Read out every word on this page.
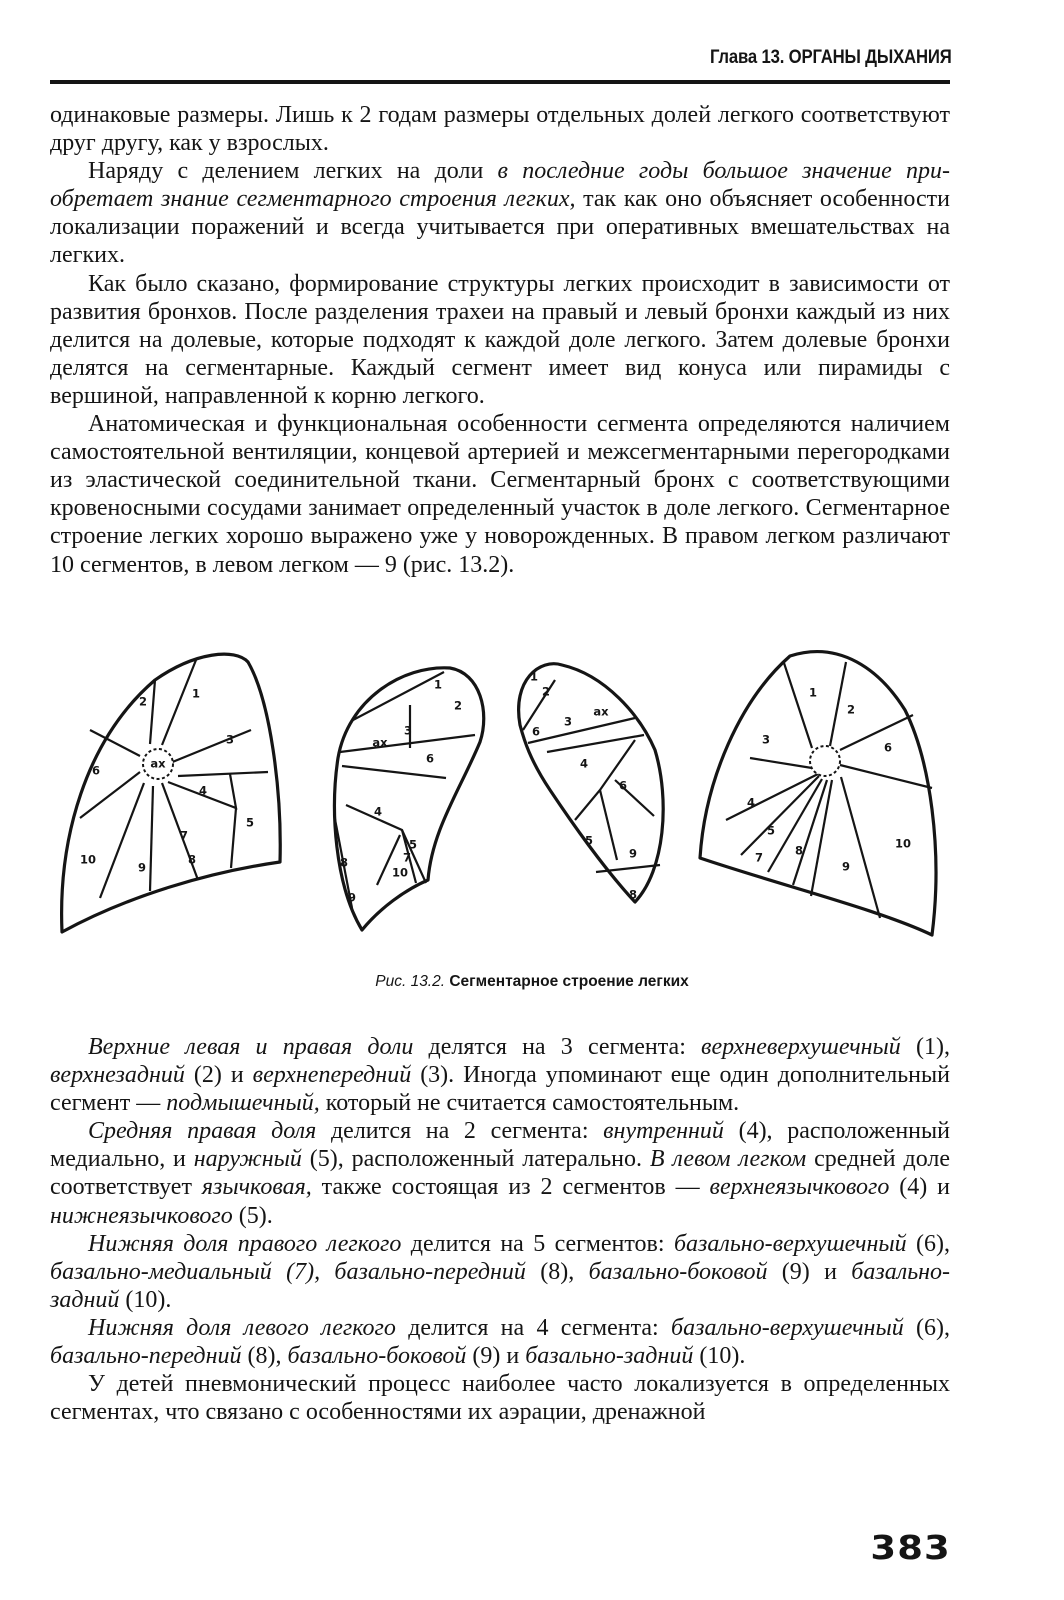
Глава 13. ОРГАНЫ ДЫХАНИЯ

одинаковые размеры. Лишь к 2 годам размеры отдельных долей легкого соответствуют друг другу, как у взрослых.

Наряду с делением легких на доли в последние годы большое значение приобретает знание сегментарного строения легких, так как оно объясняет особенности локализации поражений и всегда учитывается при оперативных вмешательствах на легких.

Как было сказано, формирование структуры легких происходит в зависимости от развития бронхов. После разделения трахеи на правый и левый бронхи каждый из них делится на долевые, которые подходят к каждой доле легкого. Затем долевые бронхи делятся на сегментарные. Каждый сегмент имеет вид конуса или пирамиды с вершиной, направленной к корню легкого.

Анатомическая и функциональная особенности сегмента определяются наличием самостоятельной вентиляции, концевой артерией и межсегментарными перегородками из эластической соединительной ткани. Сегментарный бронх с соответствующими кровеносными сосудами занимает определенный участок в доле легкого. Сегментарное строение легких хорошо выражено уже у новорожденных. В правом легком различают 10 сегментов, в левом легком — 9 (рис. 13.2).

2
1
ax
3
6
4
5
7
10
9
8
1
2
3
ax
6
4
5
8	7
10
9
1
2
3
ax
6
4
6
5
9
8
1
2
3
6
4
5
7	8
9
10
Рис. 13.2. Сегментарное строение легких

Верхние левая и правая доли делятся на 3 сегмента: верхневерхушечный (1), верхнезадний (2) и верхнепередний (3). Иногда упоминают еще один дополнительный сегмент — подмышечный, который не считается самостоятельным.

Средняя правая доля делится на 2 сегмента: внутренний (4), расположенный медиально, и наружный (5), расположенный латерально. В левом легком средней доле соответствует язычковая, также состоящая из 2 сегментов — верхнеязычкового (4) и нижнеязычкового (5).

Нижняя доля правого легкого делится на 5 сегментов: базально-верхушечный (6), базально-медиальный (7), базально-передний (8), базально-боковой (9) и базально-задний (10).

Нижняя доля левого легкого делится на 4 сегмента: базально-верхушечный (6), базально-передний (8), базально-боковой (9) и базально-задний (10).

У детей пневмонический процесс наиболее часто локализуется в определенных сегментах, что связано с особенностями их аэрации, дренажной

383
